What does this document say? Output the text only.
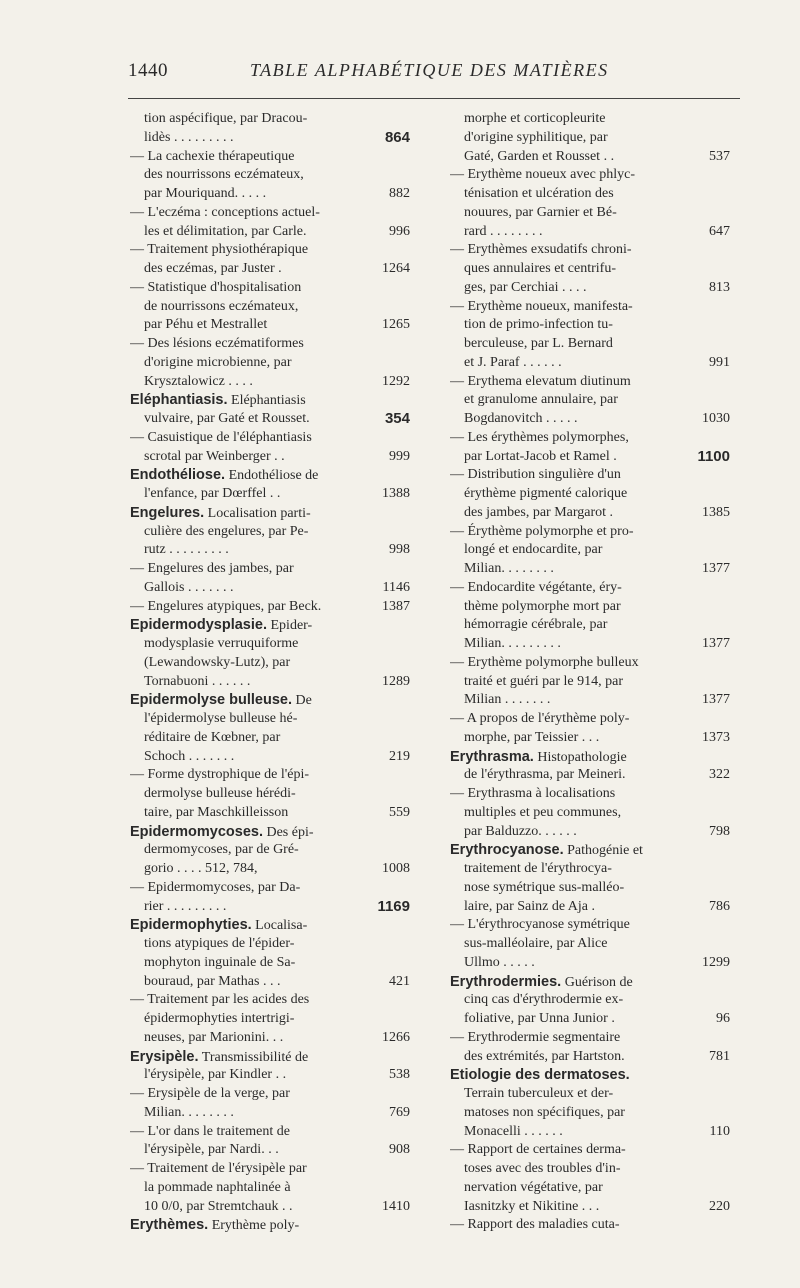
1440	TABLE ALPHABÉTIQUE DES MATIÈRES
tion aspécifique, par Dracou-
lidès . . . . . . . . .	864
— La cachexie thérapeutique
des nourrissons eczémateux,
par Mouriquand. . . . .	882
— L'eczéma : conceptions actuel-
les et délimitation, par Carle.	996
— Traitement physiothérapique
des eczémas, par Juster .	1264
— Statistique d'hospitalisation
de nourrissons eczémateux,
par Péhu et Mestrallet	1265
— Des lésions eczématiformes
d'origine microbienne, par
Krysztalowicz . . . .	1292
Eléphantiasis. Eléphantiasis
vulvaire, par Gaté et Rousset.	354
— Casuistique de l'éléphantiasis
scrotal par Weinberger . .	999
Endothéliose. Endothéliose de
l'enfance, par Dœrffel . .	1388
Engelures. Localisation parti-
culière des engelures, par Pe-
rutz . . . . . . . . .	998
— Engelures des jambes, par
Gallois . . . . . . .	1146
— Engelures atypiques, par Beck.	1387
Epidermodysplasie. Epider-
modysplasie verruquiforme
(Lewandowsky-Lutz), par
Tornabuoni . . . . . .	1289
Epidermolyse bulleuse. De
l'épidermolyse bulleuse hé-
réditaire de Kœbner, par
Schoch . . . . . . .	219
— Forme dystrophique de l'épi-
dermolyse bulleuse hérédi-
taire, par Maschkilleisson	559
Epidermomycoses. Des épi-
dermomycoses, par de Gré-
gorio . . . . 512, 784,	1008
— Epidermomycoses, par Da-
rier . . . . . . . . .	1169
Epidermophyties. Localisa-
tions atypiques de l'épider-
mophyton inguinale de Sa-
bouraud, par Mathas . . .	421
— Traitement par les acides des
épidermophyties intertrigi-
neuses, par Marionini. . .	1266
Erysipèle. Transmissibilité de
l'érysipèle, par Kindler . .	538
— Erysipèle de la verge, par
Milian. . . . . . . .	769
— L'or dans le traitement de
l'érysipèle, par Nardi. . .	908
— Traitement de l'érysipèle par
la pommade naphtalinée à
10 0/0, par Stremtchauk . .	1410
Erythèmes. Erythème poly-
morphe et corticopleurite
d'origine syphilitique, par
Gaté, Garden et Rousset . .	537
— Erythème noueux avec phlyc-
ténisation et ulcération des
nouures, par Garnier et Bé-
rard . . . . . . . .	647
— Erythèmes exsudatifs chroni-
ques annulaires et centrifu-
ges, par Cerchiai . . . .	813
— Erythème noueux, manifesta-
tion de primo-infection tu-
berculeuse, par L. Bernard
et J. Paraf . . . . . .	991
— Erythema elevatum diutinum
et granulome annulaire, par
Bogdanovitch . . . . .	1030
— Les érythèmes polymorphes,
par Lortat-Jacob et Ramel .	1100
— Distribution singulière d'un
érythème pigmenté calorique
des jambes, par Margarot .	1385
— Érythème polymorphe et pro-
longé et endocardite, par
Milian. . . . . . . .	1377
— Endocardite végétante, éry-
thème polymorphe mort par
hémorragie cérébrale, par
Milian. . . . . . . . .	1377
— Erythème polymorphe bulleux
traité et guéri par le 914, par
Milian . . . . . . .	1377
— A propos de l'érythème poly-
morphe, par Teissier . . .	1373
Erythrasma. Histopathologie
de l'érythrasma, par Meineri.	322
— Erythrasma à localisations
multiples et peu communes,
par Balduzzo. . . . . .	798
Erythrocyanose. Pathogénie et
traitement de l'érythrocya-
nose symétrique sus-malléo-
laire, par Sainz de Aja .	786
— L'érythrocyanose symétrique
sus-malléolaire, par Alice
Ullmo . . . . .	1299
Erythrodermies. Guérison de
cinq cas d'érythrodermie ex-
foliative, par Unna Junior .	96
— Erythrodermie segmentaire
des extrémités, par Hartston.	781
Etiologie des dermatoses.
Terrain tuberculeux et der-
matoses non spécifiques, par
Monacelli . . . . . .	110
— Rapport de certaines derma-
toses avec des troubles d'in-
nervation végétative, par
Iasnitzky et Nikitine . . .	220
— Rapport des maladies cuta-
